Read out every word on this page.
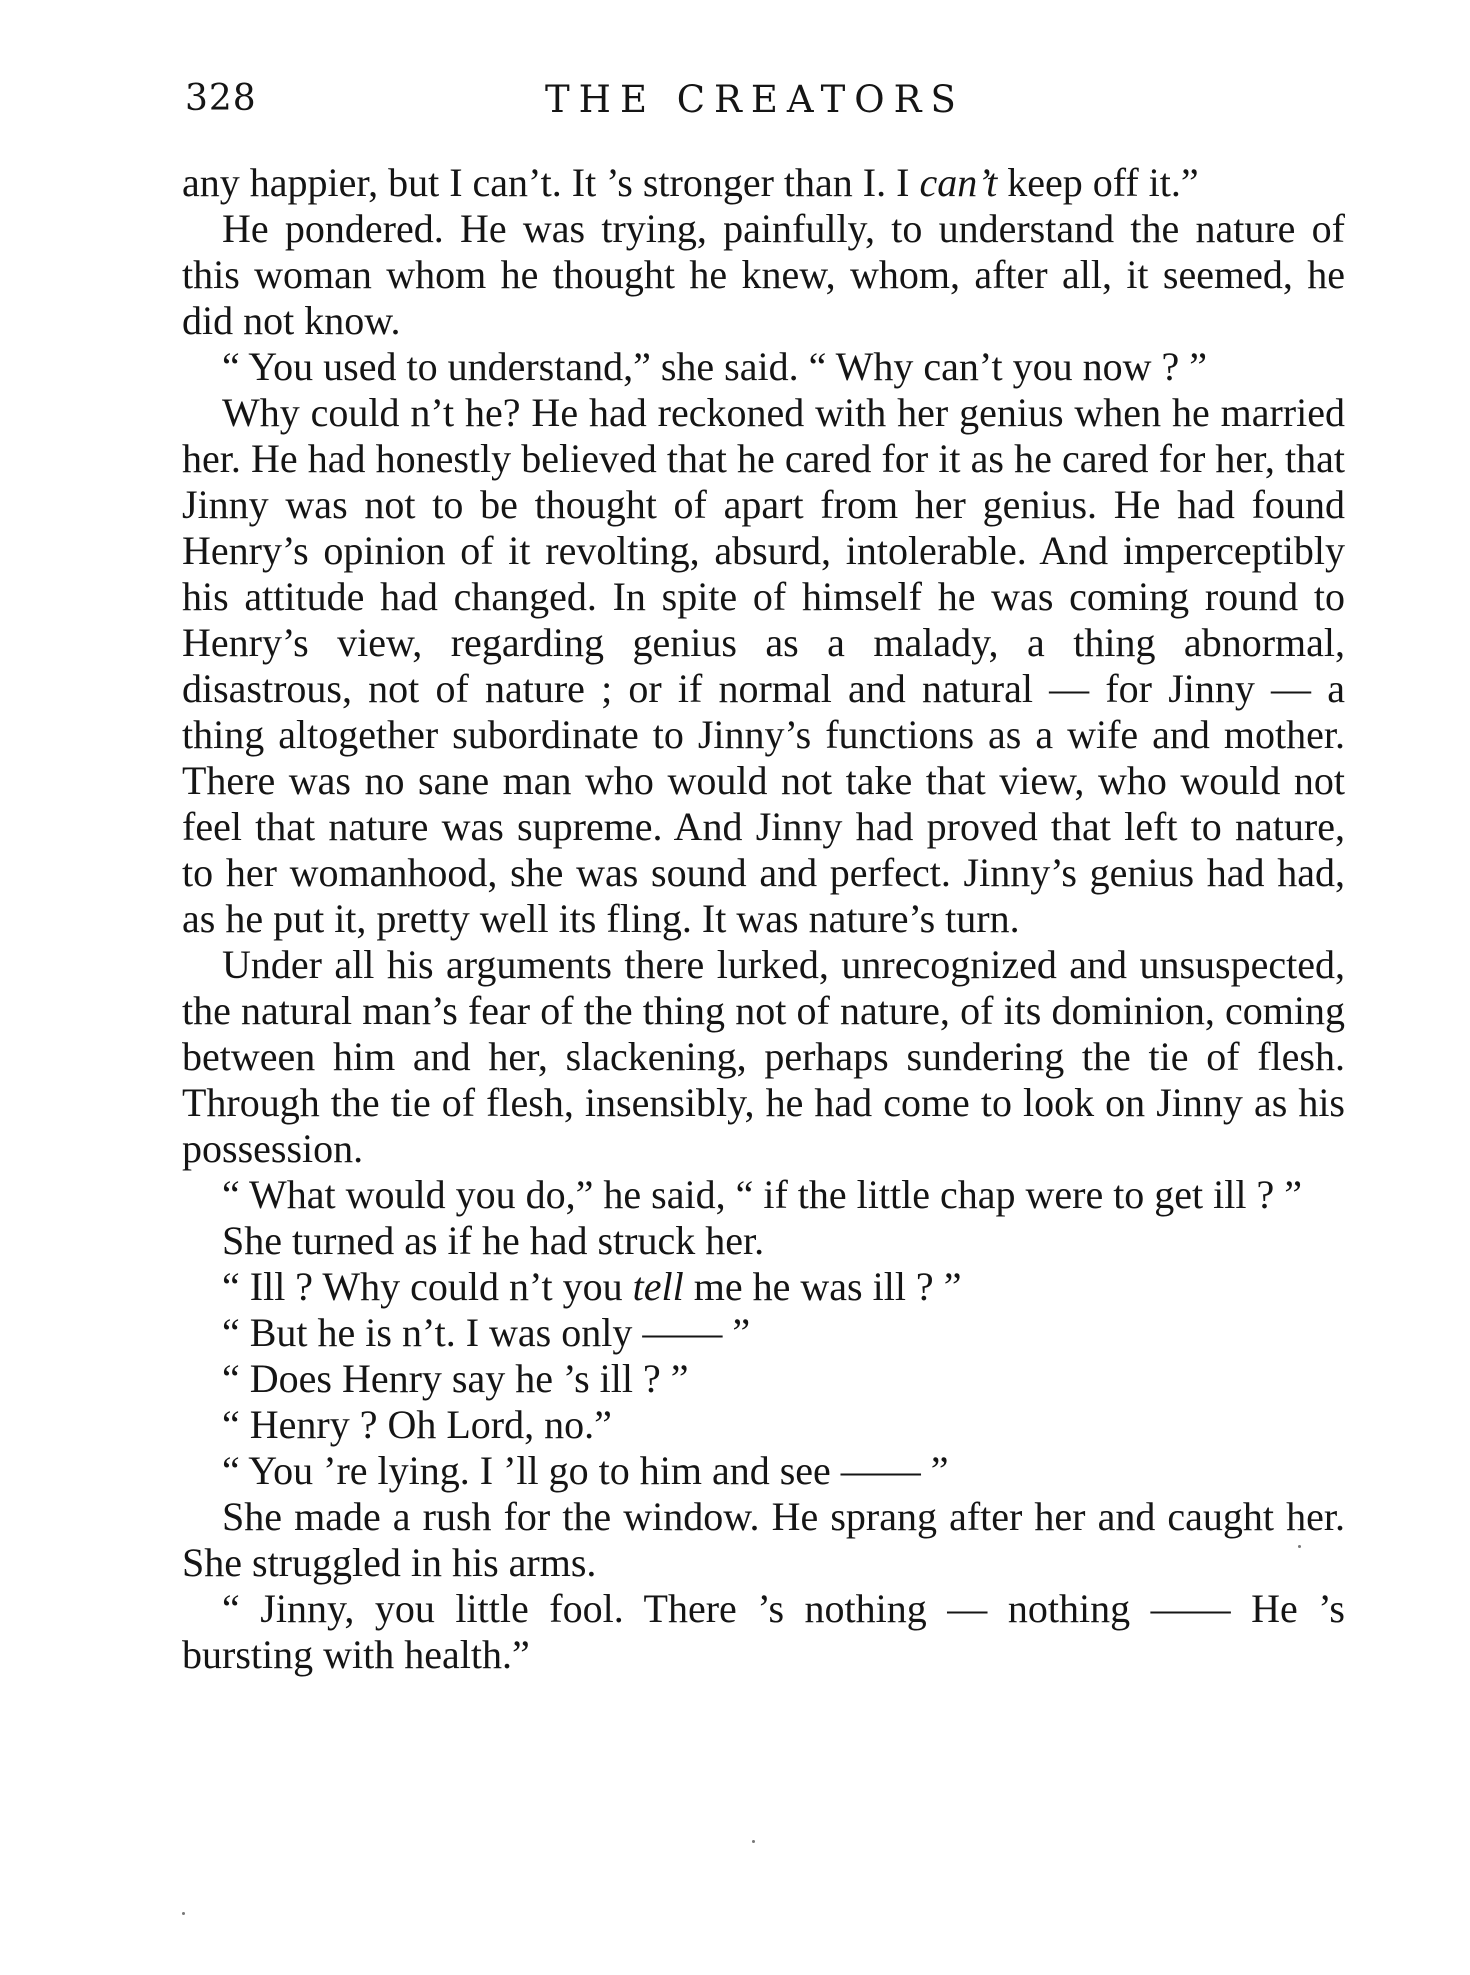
328	THE CREATORS

any happier, but I can’t. It ’s stronger than I. I can’t keep off it.”

He pondered. He was trying, painfully, to understand the nature of this woman whom he thought he knew, whom, after all, it seemed, he did not know.

“ You used to understand,” she said. “ Why can’t you now ? ”

Why could n’t he? He had reckoned with her genius when he married her. He had honestly believed that he cared for it as he cared for her, that Jinny was not to be thought of apart from her genius. He had found Henry’s opinion of it revolting, absurd, intolerable. And imperceptibly his attitude had changed. In spite of himself he was coming round to Henry’s view, regarding genius as a malady, a thing abnormal, disastrous, not of nature ; or if normal and natural — for Jinny — a thing altogether subordinate to Jinny’s functions as a wife and mother. There was no sane man who would not take that view, who would not feel that nature was supreme. And Jinny had proved that left to nature, to her womanhood, she was sound and perfect. Jinny’s genius had had, as he put it, pretty well its fling. It was nature’s turn.

Under all his arguments there lurked, unrecognized and unsuspected, the natural man’s fear of the thing not of nature, of its dominion, coming between him and her, slackening, perhaps sundering the tie of flesh. Through the tie of flesh, insensibly, he had come to look on Jinny as his possession.

“ What would you do,” he said, “ if the little chap were to get ill ? ”

She turned as if he had struck her.

“ Ill ? Why could n’t you tell me he was ill ? ”

“ But he is n’t. I was only —— ”

“ Does Henry say he ’s ill ? ”

“ Henry ? Oh Lord, no.”

“ You ’re lying. I ’ll go to him and see —— ”

She made a rush for the window. He sprang after her and caught her. She struggled in his arms.

“ Jinny, you little fool. There ’s nothing — nothing —— He ’s bursting with health.”
